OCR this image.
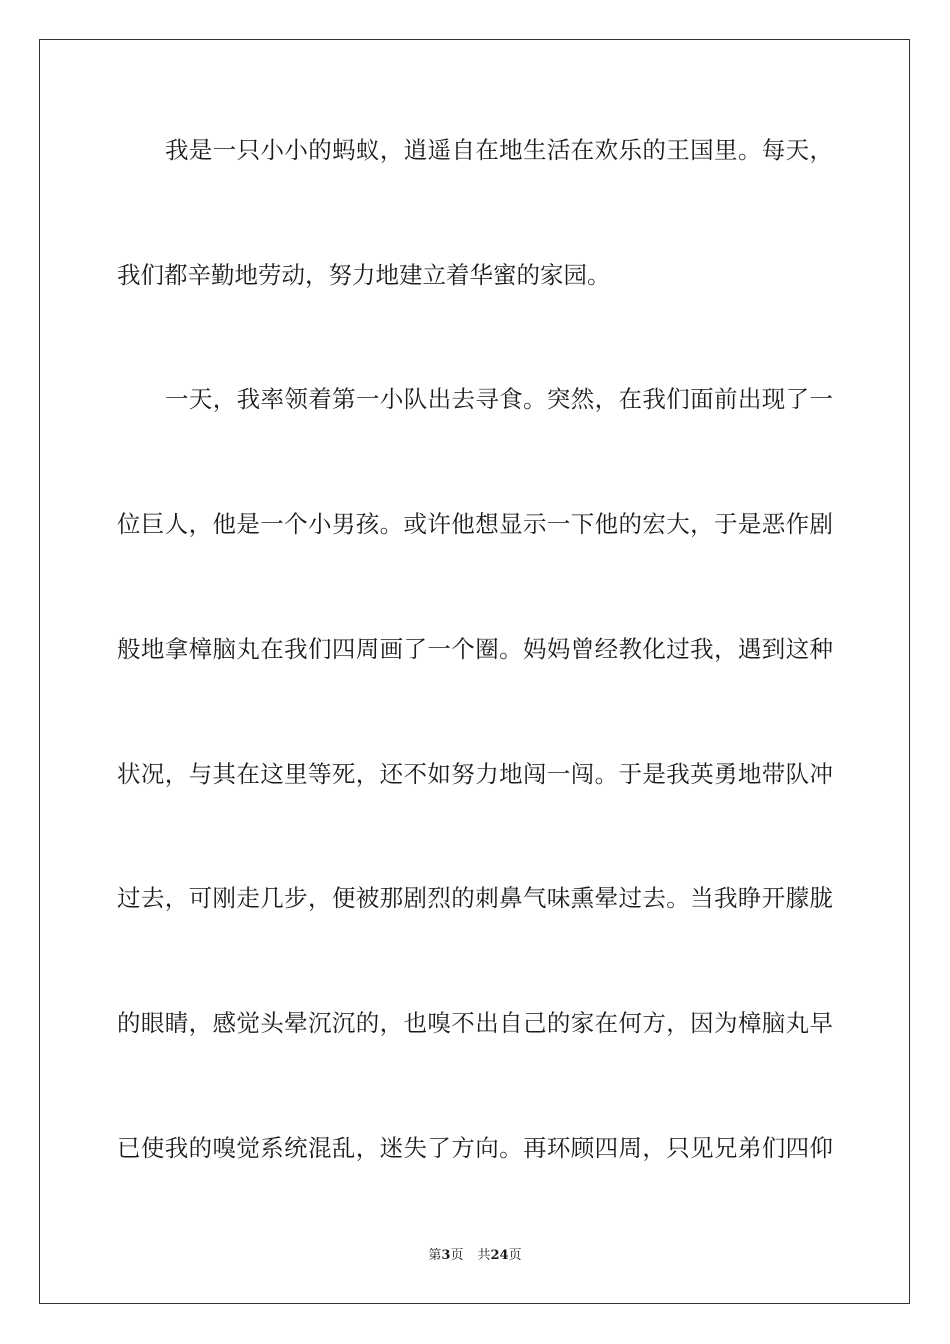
我是一只小小的蚂蚁，逍遥自在地生活在欢乐的王国里。每天，
我们都辛勤地劳动，努力地建立着华蜜的家园。
一天，我率领着第一小队出去寻食。突然，在我们面前出现了一
位巨人，他是一个小男孩。或许他想显示一下他的宏大，于是恶作剧
般地拿樟脑丸在我们四周画了一个圈。妈妈曾经教化过我，遇到这种
状况，与其在这里等死，还不如努力地闯一闯。于是我英勇地带队冲
过去，可刚走几步，便被那剧烈的刺鼻气味熏晕过去。当我睁开朦胧
的眼睛，感觉头晕沉沉的，也嗅不出自己的家在何方，因为樟脑丸早
已使我的嗅觉系统混乱，迷失了方向。再环顾四周，只见兄弟们四仰
第3页 共24页
